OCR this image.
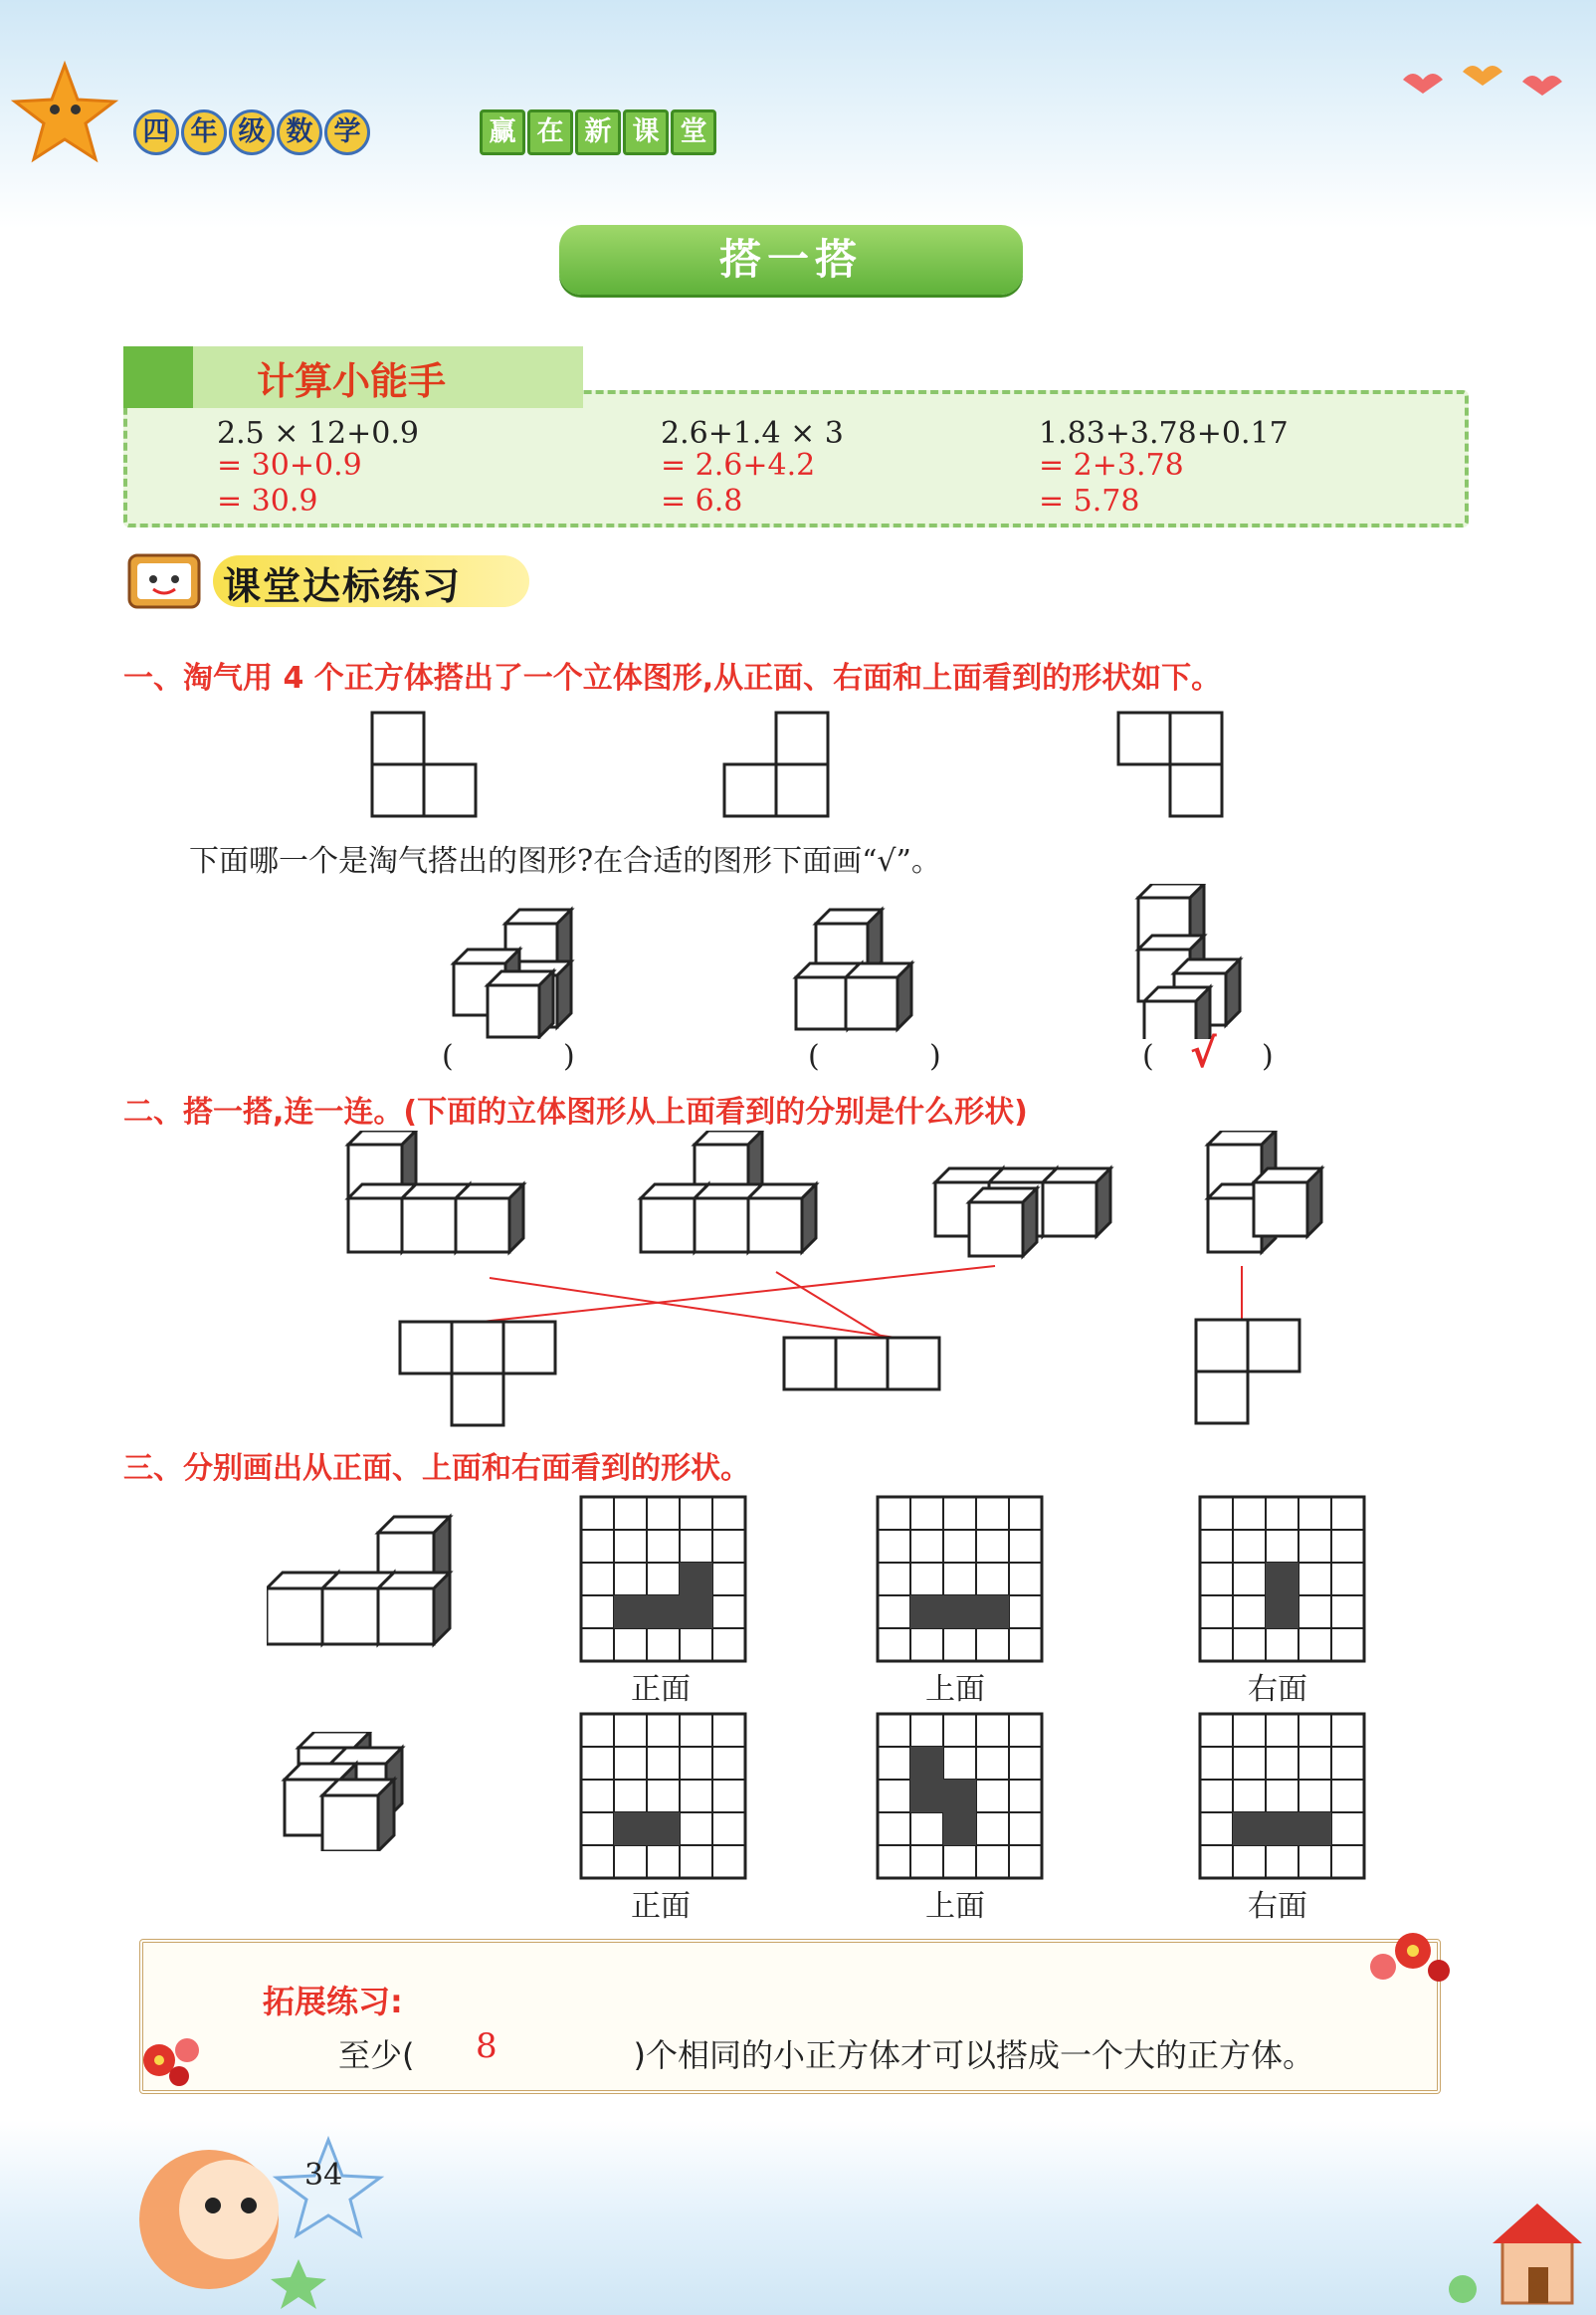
四 年 级 数 学	赢 在 新 课 堂
搭一搭
计算小能手
2.5 × 12+0.9
= 30+0.9
= 30.9
2.6+1.4 × 3
= 2.6+4.2
= 6.8
1.83+3.78+0.17
= 2+3.78
= 5.78
课堂达标练习
一、淘气用 4 个正方体搭出了一个立体图形,从正面、右面和上面看到的形状如下。
下面哪一个是淘气搭出的图形?在合适的图形下面画“√”。
(	)	(	)	( √ )
二、搭一搭,连一连。(下面的立体图形从上面看到的分别是什么形状)
三、分别画出从正面、上面和右面看到的形状。
正面	上面	右面
正面	上面	右面
拓展练习:
至少(	)个相同的小正方体才可以搭成一个大的正方体。
8
34
